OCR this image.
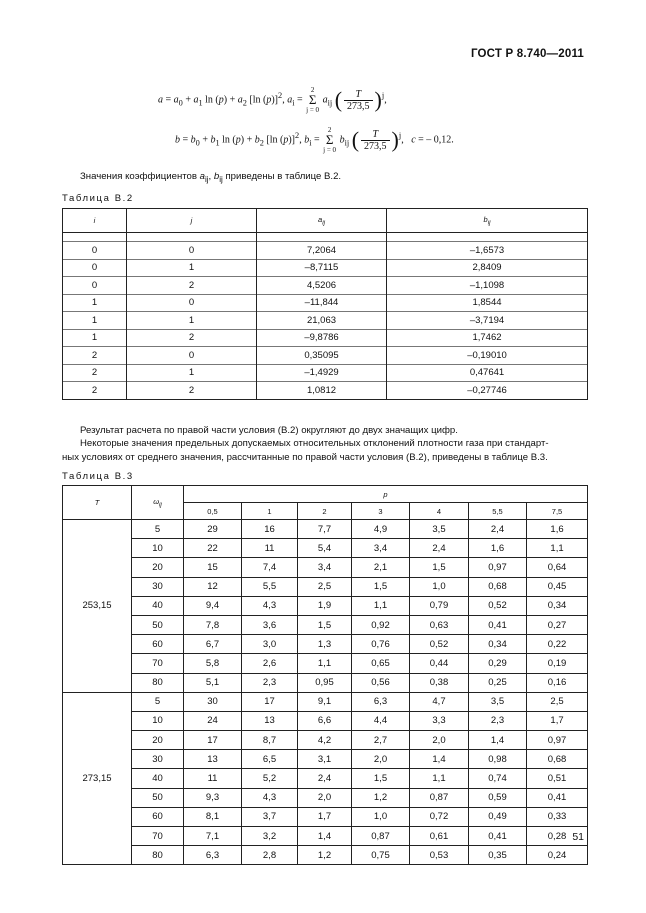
ГОСТ Р 8.740—2011
$a = a_0 + a_1$ $\ln (p) + a_2$ [ln (p)]$^2$, $a_i = 2$
Σ
j = 0 $a_{ij}$ ( $\frac{T}{273,5} )^j$,
$b = b_0 + b_1$ $\ln (p) + b_2$ [ln (p)]$^2$, $b_i = 2$
Σ
j = 0 $b_{ij}$ ( $\frac{T}{273,5} )^j$,   c = – 0,12.
Значения коэффициентов $a_{ij}$, $b_{ij}$ приведены в таблице В.2.
Таблица В.2
i	j	$a_{ij}$	$b_{ij}$

0	0	7,2064	–1,6573
0	1	–8,7115	2,8409
0	2	4,5206	–1,1098
1	0	–11,844	1,8544
1	1	21,063	–3,7194
1	2	–9,8786	1,7462
2	0	0,35095	–0,19010
2	1	–1,4929	0,47641
2	2	1,0812	–0,27746
Результат расчета по правой части условия (В.2) округляют до двух значащих цифр.
Некоторые значения предельных допускаемых относительных отклонений плотности газа при стандарт-
ных условиях от среднего значения, рассчитанные по правой части условия (В.2), приведены в таблице В.3.
Таблица В.3
T	$\omega_{ij}$	p						
		0,5	1	2	3	4	5,5	7,5
253,15	5	29	16	7,7	4,9	3,5	2,4	1,6
	10	22	11	5,4	3,4	2,4	1,6	1,1
	20	15	7,4	3,4	2,1	1,5	0,97	0,64
	30	12	5,5	2,5	1,5	1,0	0,68	0,45
	40	9,4	4,3	1,9	1,1	0,79	0,52	0,34
	50	7,8	3,6	1,5	0,92	0,63	0,41	0,27
	60	6,7	3,0	1,3	0,76	0,52	0,34	0,22
	70	5,8	2,6	1,1	0,65	0,44	0,29	0,19
	80	5,1	2,3	0,95	0,56	0,38	0,25	0,16
273,15	5	30	17	9,1	6,3	4,7	3,5	2,5
	10	24	13	6,6	4,4	3,3	2,3	1,7
	20	17	8,7	4,2	2,7	2,0	1,4	0,97
	30	13	6,5	3,1	2,0	1,4	0,98	0,68
	40	11	5,2	2,4	1,5	1,1	0,74	0,51
	50	9,3	4,3	2,0	1,2	0,87	0,59	0,41
	60	8,1	3,7	1,7	1,0	0,72	0,49	0,33
	70	7,1	3,2	1,4	0,87	0,61	0,41	0,28
	80	6,3	2,8	1,2	0,75	0,53	0,35	0,24
51
